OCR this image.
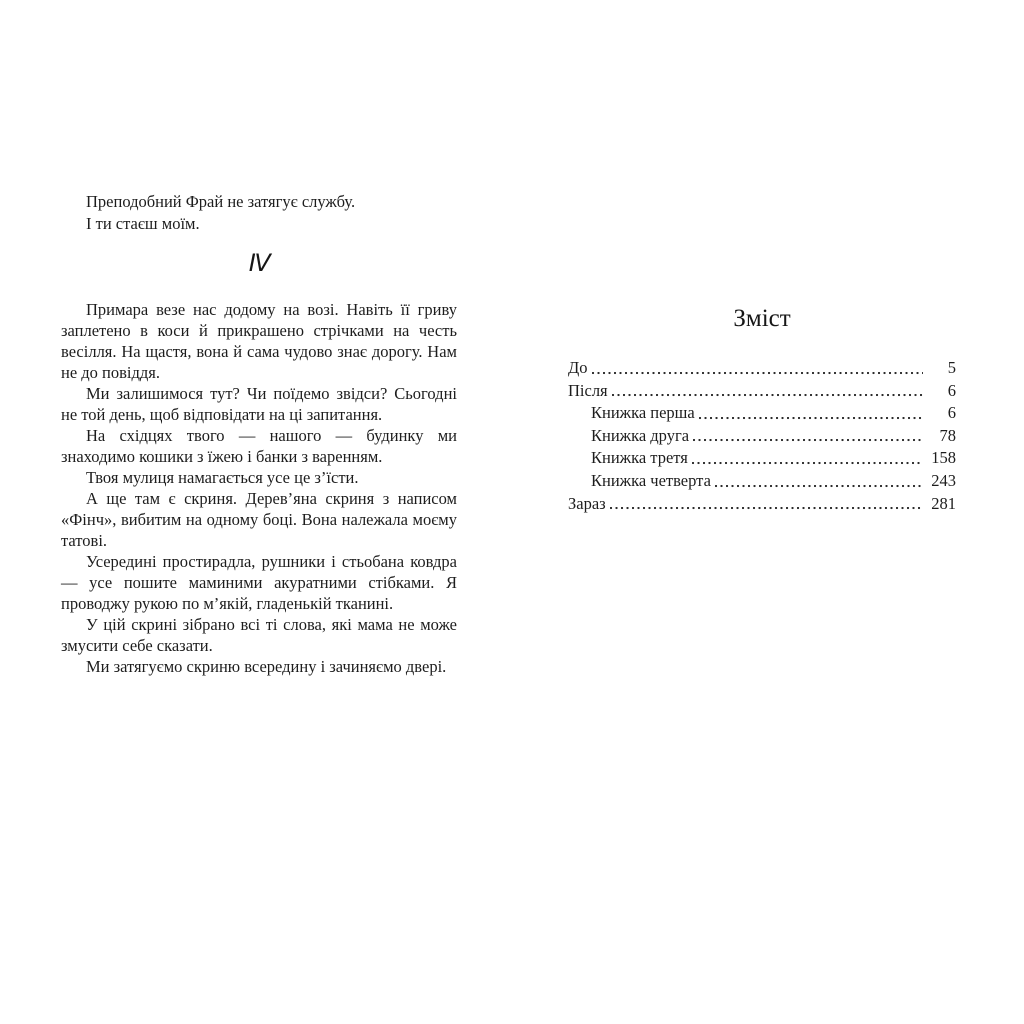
Преподобний Фрай не затягує службу.

І ти стаєш моїм.

IV

Примара везе нас додому на возі. Навіть її гриву заплетено в коси й прикрашено стрічками на честь весілля. На щастя, вона й сама чудово знає дорогу. Нам не до повіддя.

Ми залишимося тут? Чи поїдемо звідси? Сьогодні не той день, щоб відповідати на ці запитання.

На східцях твого — нашого — будинку ми знаходимо кошики з їжею і банки з варенням.

Твоя мулиця намагається усе це з’їсти.

А ще там є скриня. Дерев’яна скриня з написом «Фінч», вибитим на одному боці. Вона належала моєму татові.

Усередині простирадла, рушники і стьобана ковдра — усе пошите маминими акуратними стібками. Я проводжу рукою по м’якій, гладенькій тканині.

У цій скрині зібрано всі ті слова, які мама не може змусити себе сказати.

Ми затягуємо скриню всередину і зачиняємо двері.

Зміст
До	5
Після	6
Книжка перша	6
Книжка друга	78
Книжка третя	158
Книжка четверта	243
Зараз	281
